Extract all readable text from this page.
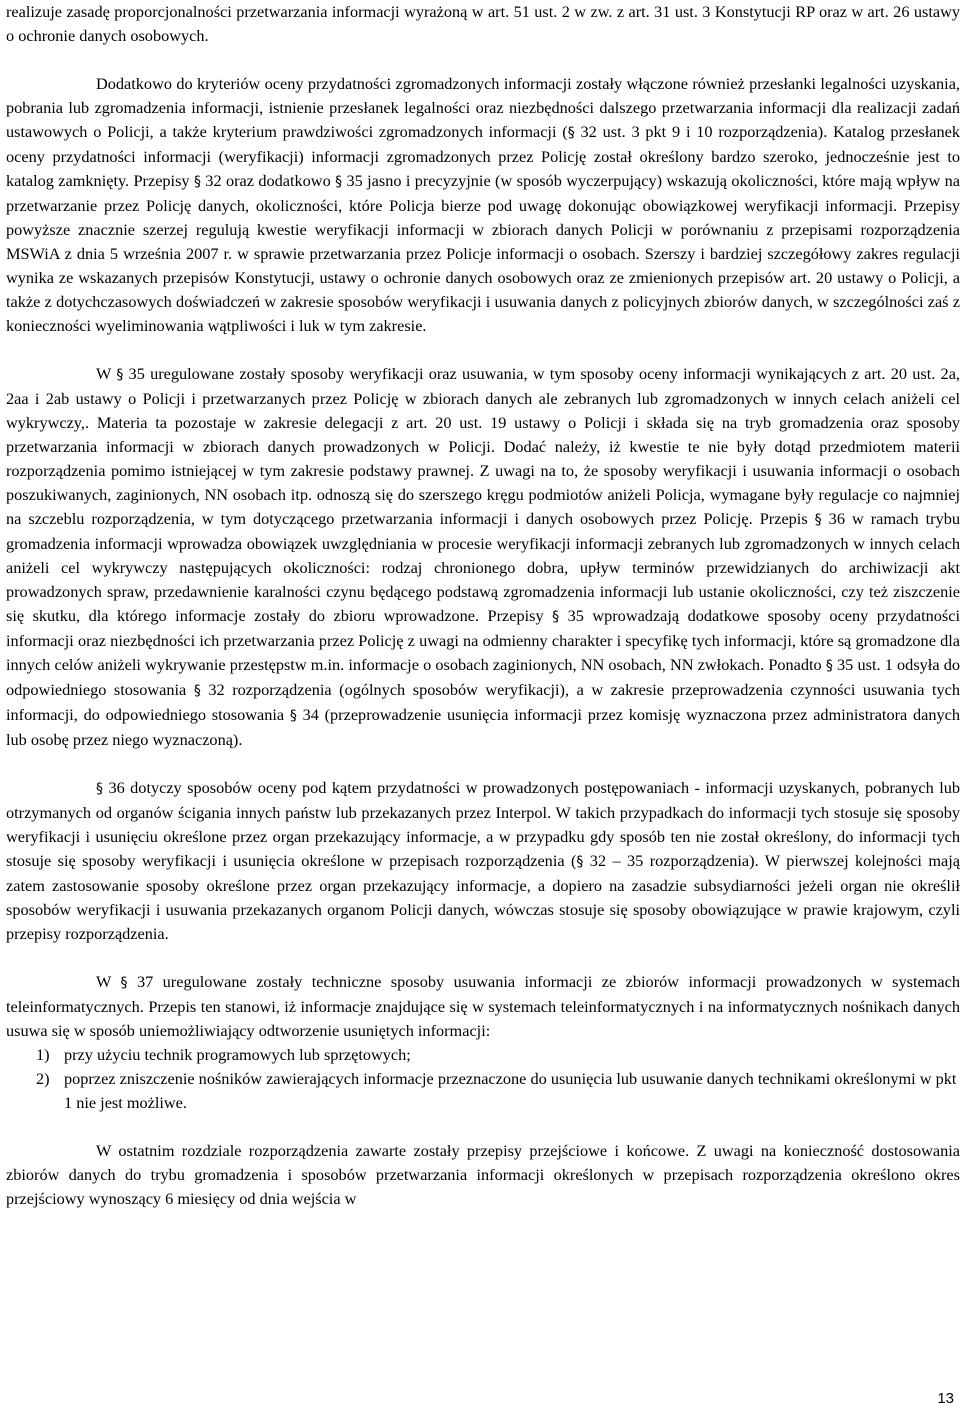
realizuje zasadę proporcjonalności przetwarzania informacji wyrażoną w art. 51 ust. 2 w zw. z art. 31 ust. 3 Konstytucji RP oraz w art. 26 ustawy o ochronie danych osobowych.

Dodatkowo do kryteriów oceny przydatności zgromadzonych informacji zostały włączone również przesłanki legalności uzyskania, pobrania lub zgromadzenia informacji, istnienie przesłanek legalności oraz niezbędności dalszego przetwarzania informacji dla realizacji zadań ustawowych o Policji, a także kryterium prawdziwości zgromadzonych informacji (§ 32 ust. 3 pkt 9 i 10 rozporządzenia). Katalog przesłanek oceny przydatności informacji (weryfikacji) informacji zgromadzonych przez Policję został określony bardzo szeroko, jednocześnie jest to katalog zamknięty. Przepisy § 32 oraz dodatkowo § 35 jasno i precyzyjnie (w sposób wyczerpujący) wskazują okoliczności, które mają wpływ na przetwarzanie przez Policję danych, okoliczności, które Policja bierze pod uwagę dokonując obowiązkowej weryfikacji informacji. Przepisy powyższe znacznie szerzej regulują kwestie weryfikacji informacji w zbiorach danych Policji w porównaniu z przepisami rozporządzenia MSWiA z dnia 5 września 2007 r. w sprawie przetwarzania przez Policje informacji o osobach. Szerszy i bardziej szczegółowy zakres regulacji wynika ze wskazanych przepisów Konstytucji, ustawy o ochronie danych osobowych oraz ze zmienionych przepisów art. 20 ustawy o Policji, a także z dotychczasowych doświadczeń w zakresie sposobów weryfikacji i usuwania danych z policyjnych zbiorów danych, w szczególności zaś z konieczności wyeliminowania wątpliwości i luk w tym zakresie.

W § 35 uregulowane zostały sposoby weryfikacji oraz usuwania, w tym sposoby oceny informacji wynikających z art. 20 ust. 2a, 2aa i 2ab ustawy o Policji i przetwarzanych przez Policję w zbiorach danych ale zebranych lub zgromadzonych w innych celach aniżeli cel wykrywczy,. Materia ta pozostaje w zakresie delegacji z art. 20 ust. 19 ustawy o Policji i składa się na tryb gromadzenia oraz sposoby przetwarzania informacji w zbiorach danych prowadzonych w Policji. Dodać należy, iż kwestie te nie były dotąd przedmiotem materii rozporządzenia pomimo istniejącej w tym zakresie podstawy prawnej. Z uwagi na to, że sposoby weryfikacji i usuwania informacji o osobach poszukiwanych, zaginionych, NN osobach itp. odnoszą się do szerszego kręgu podmiotów aniżeli Policja, wymagane były regulacje co najmniej na szczeblu rozporządzenia, w tym dotyczącego przetwarzania informacji i danych osobowych przez Policję. Przepis § 36 w ramach trybu gromadzenia informacji wprowadza obowiązek uwzględniania w procesie weryfikacji informacji zebranych lub zgromadzonych w innych celach aniżeli cel wykrywczy następujących okoliczności: rodzaj chronionego dobra, upływ terminów przewidzianych do archiwizacji akt prowadzonych spraw, przedawnienie karalności czynu będącego podstawą zgromadzenia informacji lub ustanie okoliczności, czy też ziszczenie się skutku, dla którego informacje zostały do zbioru wprowadzone. Przepisy § 35 wprowadzają dodatkowe sposoby oceny przydatności informacji oraz niezbędności ich przetwarzania przez Policję z uwagi na odmienny charakter i specyfikę tych informacji, które są gromadzone dla innych celów aniżeli wykrywanie przestępstw m.in. informacje o osobach zaginionych, NN osobach, NN zwłokach. Ponadto § 35 ust. 1 odsyła do odpowiedniego stosowania § 32 rozporządzenia (ogólnych sposobów weryfikacji), a w zakresie przeprowadzenia czynności usuwania tych informacji, do odpowiedniego stosowania § 34 (przeprowadzenie usunięcia informacji przez komisję wyznaczona przez administratora danych lub osobę przez niego wyznaczoną).

§ 36 dotyczy sposobów oceny pod kątem przydatności w prowadzonych postępowaniach - informacji uzyskanych, pobranych lub otrzymanych od organów ścigania innych państw lub przekazanych przez Interpol. W takich przypadkach do informacji tych stosuje się sposoby weryfikacji i usunięciu określone przez organ przekazujący informacje, a w przypadku gdy sposób ten nie został określony, do informacji tych stosuje się sposoby weryfikacji i usunięcia określone w przepisach rozporządzenia (§ 32 – 35 rozporządzenia). W pierwszej kolejności mają zatem zastosowanie sposoby określone przez organ przekazujący informacje, a dopiero na zasadzie subsydiarności jeżeli organ nie określił sposobów weryfikacji i usuwania przekazanych organom Policji danych, wówczas stosuje się sposoby obowiązujące w prawie krajowym, czyli przepisy rozporządzenia.

W § 37 uregulowane zostały techniczne sposoby usuwania informacji ze zbiorów informacji prowadzonych w systemach teleinformatycznych. Przepis ten stanowi, iż informacje znajdujące się w systemach teleinformatycznych i na informatycznych nośnikach danych usuwa się w sposób uniemożliwiający odtworzenie usuniętych informacji:

1) przy użyciu technik programowych lub sprzętowych;
2) poprzez zniszczenie nośników zawierających informacje przeznaczone do usunięcia lub usuwanie danych technikami określonymi w pkt 1 nie jest możliwe.

W ostatnim rozdziale rozporządzenia zawarte zostały przepisy przejściowe i końcowe. Z uwagi na konieczność dostosowania zbiorów danych do trybu gromadzenia i sposobów przetwarzania informacji określonych w przepisach rozporządzenia określono okres przejściowy wynoszący 6 miesięcy od dnia wejścia w

13
